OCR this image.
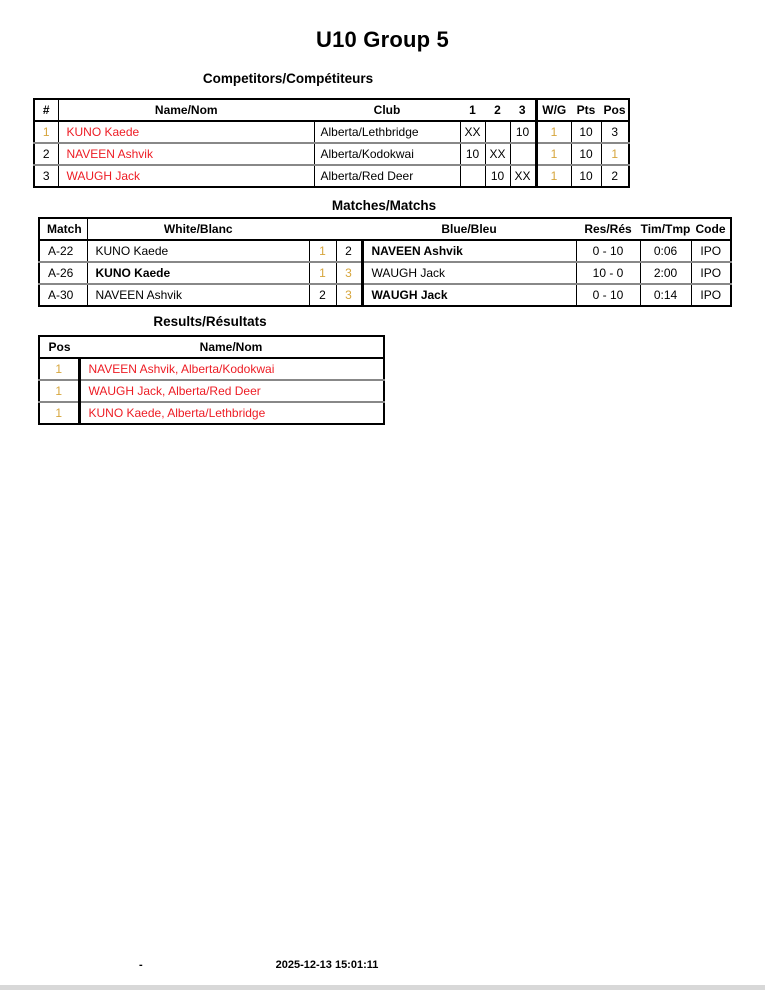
U10 Group 5
Competitors/Compétiteurs
#	Name/Nom	Club	1	2	3	W/G	Pts	Pos
1	KUNO Kaede	Alberta/Lethbridge	XX		10	1	10	3
2	NAVEEN Ashvik	Alberta/Kodokwai	10	XX		1	10	1
3	WAUGH Jack	Alberta/Red Deer		10	XX	1	10	2
Matches/Matchs
Match	White/Blanc			Blue/Bleu	Res/Rés	Tim/Tmp	Code
A-22	KUNO Kaede	1	2	NAVEEN Ashvik	0 - 10	0:06	IPO
A-26	KUNO Kaede	1	3	WAUGH Jack	10 - 0	2:00	IPO
A-30	NAVEEN Ashvik	2	3	WAUGH Jack	0 - 10	0:14	IPO
Results/Résultats
Pos	Name/Nom
1	NAVEEN Ashvik, Alberta/Kodokwai
1	WAUGH Jack, Alberta/Red Deer
1	KUNO Kaede, Alberta/Lethbridge
-	2025-12-13 15:01:11
